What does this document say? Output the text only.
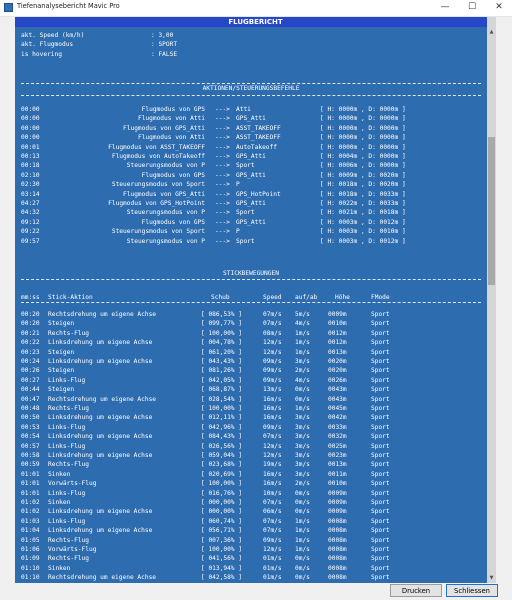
Tiefenanalysebericht Mavic Pro	—	☐	✕
FLUGBERICHT
akt. Speed (km/h)	: 3,00
akt. Flugmodus	: SPORT
is hovering	: FALSE
AKTIONEN/STEUERUNGSBEFEHLE
00:00	Flugmodus von GPS ---> Atti	[ H: 0000m , D: 0000m ]
00:00	Flugmodus von Atti ---> GPS_Atti	[ H: 0000m , D: 0000m ]
00:00	Flugmodus von GPS_Atti ---> ASST_TAKEOFF	[ H: 0000m , D: 0000m ]
00:00	Flugmodus von Atti ---> ASST_TAKEOFF	[ H: 0000m , D: 0000m ]
00:01	Flugmodus von ASST_TAKEOFF ---> AutoTakeoff	[ H: 0000m , D: 0000m ]
00:13	Flugmodus von AutoTakeoff ---> GPS_Atti	[ H: 0004m , D: 0000m ]
00:18	Steuerungsmodus von P ---> Sport	[ H: 0006m , D: 0000m ]
02:10	Flugmodus von GPS ---> GPS_Atti	[ H: 0009m , D: 0020m ]
02:30	Steuerungsmodus von Sport ---> P	[ H: 0018m , D: 0020m ]
03:14	Flugmodus von GPS_Atti ---> GPS_HotPoint	[ H: 0018m , D: 0033m ]
04:27	Flugmodus von GPS_HotPoint ---> GPS_Atti	[ H: 0022m , D: 0033m ]
04:32	Steuerungsmodus von P ---> Sport	[ H: 0021m , D: 0018m ]
09:12	Flugmodus von GPS ---> GPS_Atti	[ H: 0003m , D: 0012m ]
09:22	Steuerungsmodus von Sport ---> P	[ H: 0003m , D: 0010m ]
09:57	Steuerungsmodus von P ---> Sport	[ H: 0003m , D: 0012m ]
STICKBEWEGUNGEN
mm:ss Stick-Aktion	Schub	Speed auf/ab	Höhe	FMode
00:20 Rechtsdrehung um eigene Achse	[ 086,53% ]	07m/s 5m/s	0009m	Sport
00:20 Steigen	[ 099,77% ]	07m/s 4m/s	0010m	Sport
00:21 Rechts-Flug	[ 100,00% ]	08m/s 1m/s	0012m	Sport
00:22 Linksdrehung um eigene Achse	[ 004,78% ]	12m/s 1m/s	0012m	Sport
00:23 Steigen	[ 061,20% ]	12m/s 1m/s	0013m	Sport
00:24 Linksdrehung um eigene Achse	[ 043,43% ]	09m/s 3m/s	0020m	Sport
00:26 Steigen	[ 081,26% ]	09m/s 2m/s	0020m	Sport
00:27 Links-Flug	[ 042,05% ]	09m/s 4m/s	0026m	Sport
00:44 Steigen	[ 068,87% ]	13m/s 0m/s	0043m	Sport
00:47 Rechtsdrehung um eigene Achse	[ 028,54% ]	16m/s 0m/s	0043m	Sport
00:48 Rechts-Flug	[ 100,00% ]	16m/s 1m/s	0045m	Sport
00:50 Linksdrehung um eigene Achse	[ 012,11% ]	16m/s 3m/s	0042m	Sport
00:53 Links-Flug	[ 042,96% ]	09m/s 3m/s	0033m	Sport
00:54 Linksdrehung um eigene Achse	[ 084,43% ]	07m/s 3m/s	0032m	Sport
00:57 Links-Flug	[ 026,56% ]	12m/s 3m/s	0025m	Sport
00:58 Linksdrehung um eigene Achse	[ 059,04% ]	12m/s 3m/s	0023m	Sport
00:59 Rechts-Flug	[ 023,68% ]	19m/s 3m/s	0013m	Sport
01:01 Sinken	[ 020,69% ]	16m/s 3m/s	0011m	Sport
01:01 Vorwärts-Flug	[ 100,00% ]	16m/s 2m/s	0010m	Sport
01:01 Links-Flug	[ 016,76% ]	10m/s 0m/s	0009m	Sport
01:02 Sinken	[ 000,00% ]	07m/s 0m/s	0009m	Sport
01:02 Linksdrehung um eigene Achse	[ 000,00% ]	06m/s 0m/s	0009m	Sport
01:03 Links-Flug	[ 060,74% ]	07m/s 1m/s	0008m	Sport
01:04 Linksdrehung um eigene Achse	[ 056,71% ]	07m/s 1m/s	0008m	Sport
01:05 Rechts-Flug	[ 007,36% ]	09m/s 1m/s	0008m	Sport
01:06 Vorwärts-Flug	[ 100,00% ]	12m/s 1m/s	0008m	Sport
01:09 Rechts-Flug	[ 041,56% ]	01m/s 0m/s	0008m	Sport
01:10 Sinken	[ 013,94% ]	01m/s 0m/s	0008m	Sport
01:10 Rechtsdrehung um eigene Achse	[ 042,58% ]	01m/s 0m/s	0008m	Sport
▲
▼
Drucken	Schliessen
